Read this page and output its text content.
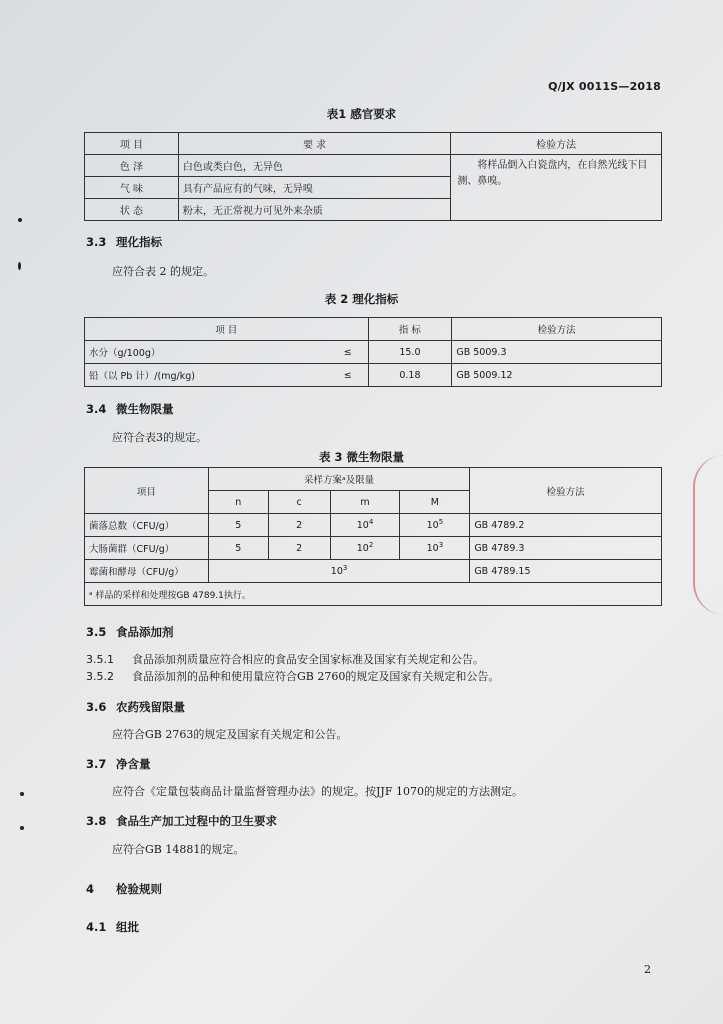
Q/JX 0011S—2018
表1 感官要求
项 目	要 求	检验方法
色 泽	白色或类白色，无异色	将样品倒入白瓷盘内，在自然光线下目测、鼻嗅。
气 味	具有产品应有的气味，无异嗅	
状 态	粉末，无正常视力可见外来杂质	
3.3 理化指标
应符合表 2 的规定。
表 2 理化指标
项 目		指 标	检验方法
水分（g/100g）	≤	15.0	GB 5009.3
铅（以 Pb 计）/(mg/kg)	≤	0.18	GB 5009.12
3.4 微生物限量
应符合表3的规定。
表 3 微生物限量
项目	采样方案ᵃ及限量				检验方法
	n	c	m	M	
菌落总数（CFU/g）	5	2	$10^4$	$10^5$	GB 4789.2
大肠菌群（CFU/g）	5	2	$10^2$	$10^3$	GB 4789.3
霉菌和酵母（CFU/g）	$10^3$				GB 4789.15
ᵃ 样品的采样和处理按GB 4789.1执行。					
3.5 食品添加剂
3.5.1 食品添加剂质量应符合相应的食品安全国家标准及国家有关规定和公告。
3.5.2 食品添加剂的品种和使用量应符合GB 2760的规定及国家有关规定和公告。
3.6 农药残留限量
应符合GB 2763的规定及国家有关规定和公告。
3.7 净含量
应符合《定量包装商品计量监督管理办法》的规定。按JJF 1070的规定的方法测定。
3.8 食品生产加工过程中的卫生要求
应符合GB 14881的规定。
4 检验规则
4.1 组批
2
